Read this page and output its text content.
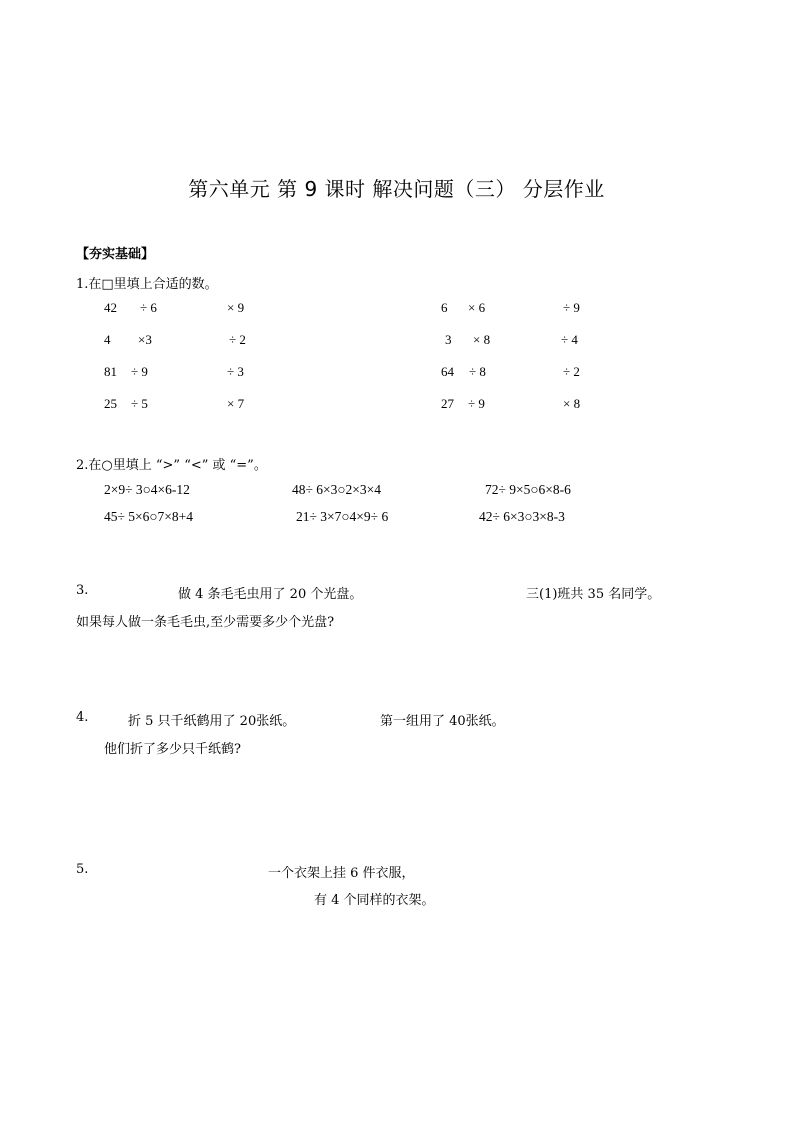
第六单元 第 9 课时 解决问题（三） 分层作业
【夯实基础】
1.在□里填上合适的数。
42 ÷ 6	× 9	6 × 6	÷ 9
4 ×3	÷ 2	3 × 8	÷ 4
81 ÷ 9	÷ 3	64 ÷ 8	÷ 2
25 ÷ 5	× 7	27 ÷ 9	× 8
2.在○里填上 “>” “<” 或 “=”。
2×9÷ 3○4×6-12	48÷ 6×3○2×3×4	72÷ 9×5○6×8-6
45÷ 5×6○7×8+4	21÷ 3×7○4×9÷ 6	42÷ 6×3○3×8-3
3.	做 4 条毛毛虫用了 20 个光盘。	三(1)班共 35 名同学。
如果每人做一条毛毛虫,至少需要多少个光盘?
4.	折 5 只千纸鹤用了 20张纸。	第一组用了 40张纸。
他们折了多少只千纸鹤?
5.	一个衣架上挂 6 件衣服，
有 4 个同样的衣架。
